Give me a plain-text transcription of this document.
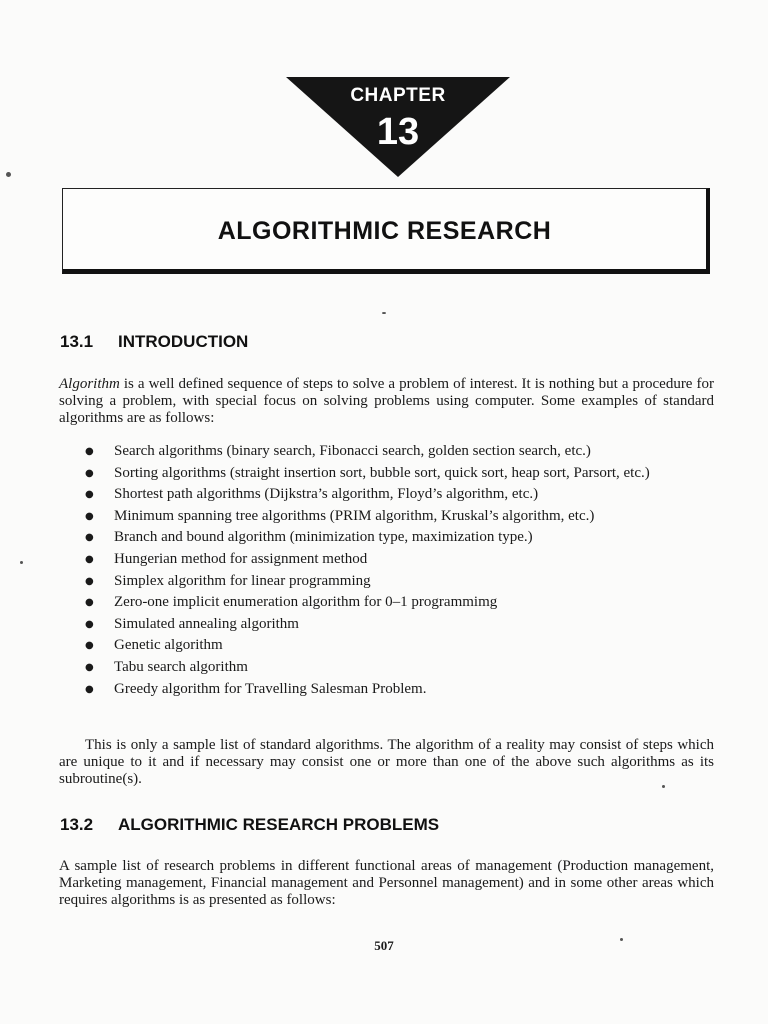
CHAPTER
13
ALGORITHMIC RESEARCH
13.1 INTRODUCTION

Algorithm is a well defined sequence of steps to solve a problem of interest. It is nothing but a procedure for solving a problem, with special focus on solving problems using computer. Some examples of standard algorithms are as follows:

● Search algorithms (binary search, Fibonacci search, golden section search, etc.)
● Sorting algorithms (straight insertion sort, bubble sort, quick sort, heap sort, Parsort, etc.)
● Shortest path algorithms (Dijkstra’s algorithm, Floyd’s algorithm, etc.)
● Minimum spanning tree algorithms (PRIM algorithm, Kruskal’s algorithm, etc.)
● Branch and bound algorithm (minimization type, maximization type.)
● Hungerian method for assignment method
● Simplex algorithm for linear programming
● Zero-one implicit enumeration algorithm for 0–1 programmimg
● Simulated annealing algorithm
● Genetic algorithm
● Tabu search algorithm
● Greedy algorithm for Travelling Salesman Problem.

This is only a sample list of standard algorithms. The algorithm of a reality may consist of steps which are unique to it and if necessary may consist one or more than one of the above such algorithms as its subroutine(s).

13.2 ALGORITHMIC RESEARCH PROBLEMS

A sample list of research problems in different functional areas of management (Production management, Marketing management, Financial management and Personnel management) and in some other areas which requires algorithms is as presented as follows:

507
